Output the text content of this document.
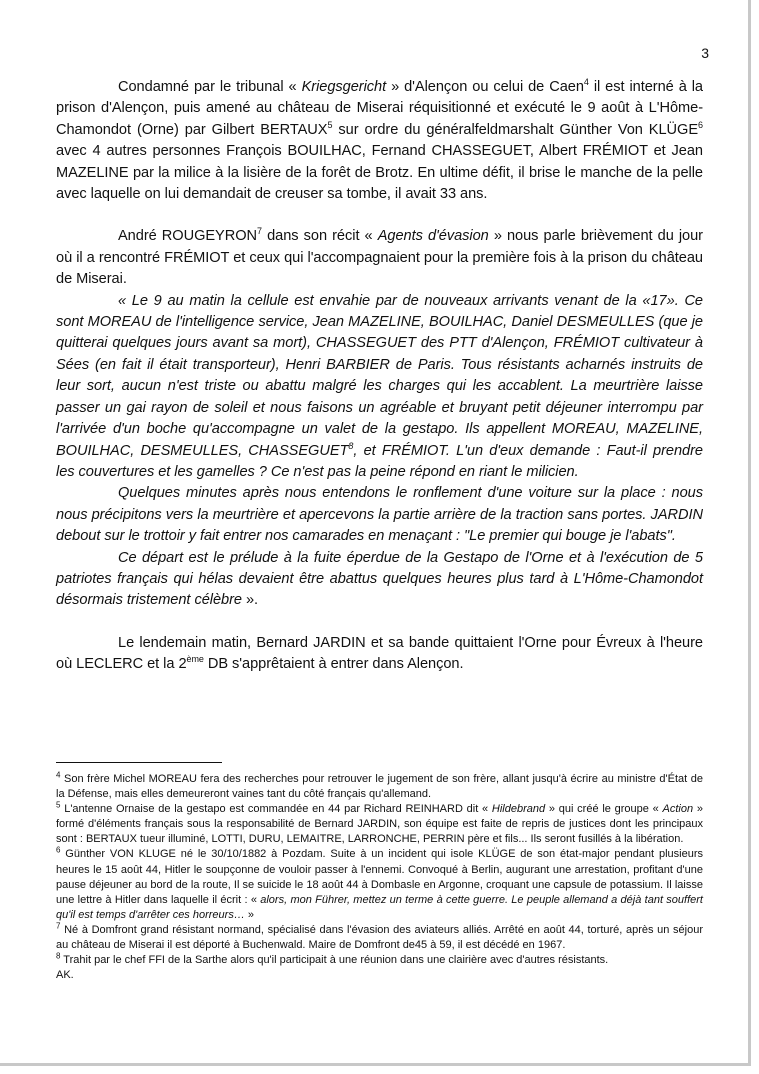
3

Condamné par le tribunal « Kriegsgericht » d'Alençon ou celui de Caen$^4$ il est interné à la prison d'Alençon, puis amené au château de Miserai réquisitionné et exécuté le 9 août à L'Hôme-Chamondot (Orne) par Gilbert BERTAUX$^5$ sur ordre du généralfeldmarshalt Günther Von KLÜGE$^6$ avec 4 autres personnes François BOUILHAC, Fernand CHASSEGUET, Albert FRÉMIOT et Jean MAZELINE par la milice à la lisière de la forêt de Brotz. En ultime défit, il brise le manche de la pelle avec laquelle on lui demandait de creuser sa tombe, il avait 33 ans.

André ROUGEYRON$^7$ dans son récit « Agents d'évasion » nous parle brièvement du jour où il a rencontré FRÉMIOT et ceux qui l'accompagnaient pour la première fois à la prison du château de Miserai.

« Le 9 au matin la cellule est envahie par de nouveaux arrivants venant de la «17». Ce sont MOREAU de l'intelligence service, Jean MAZELINE, BOUILHAC, Daniel DESMEULLES (que je quitterai quelques jours avant sa mort), CHASSEGUET des PTT d'Alençon, FRÉMIOT cultivateur à Sées (en fait il était transporteur), Henri BARBIER de Paris. Tous résistants acharnés instruits de leur sort, aucun n'est triste ou abattu malgré les charges qui les accablent. La meurtrière laisse passer un gai rayon de soleil et nous faisons un agréable et bruyant petit déjeuner interrompu par l'arrivée d'un boche qu'accompagne un valet de la gestapo. Ils appellent MOREAU, MAZELINE, BOUILHAC, DESMEULLES, CHASSEGUET$^8$, et FRÉMIOT. L'un d'eux demande : Faut-il prendre les couvertures et les gamelles ? Ce n'est pas la peine répond en riant le milicien.

Quelques minutes après nous entendons le ronflement d'une voiture sur la place : nous nous précipitons vers la meurtrière et apercevons la partie arrière de la traction sans portes. JARDIN debout sur le trottoir y fait entrer nos camarades en menaçant : "Le premier qui bouge je l'abats".

Ce départ est le prélude à la fuite éperdue de la Gestapo de l'Orne et à l'exécution de 5 patriotes français qui hélas devaient être abattus quelques heures plus tard à L'Hôme-Chamondot désormais tristement célèbre ».

Le lendemain matin, Bernard JARDIN et sa bande quittaient l'Orne pour Évreux à l'heure où LECLERC et la 2ème DB s'apprêtaient à entrer dans Alençon.

$^4$ Son frère Michel MOREAU fera des recherches pour retrouver le jugement de son frère, allant jusqu'à écrire au ministre d'État de la Défense, mais elles demeureront vaines tant du côté français qu'allemand.

$^5$ L'antenne Ornaise de la gestapo est commandée en 44 par Richard REINHARD dit « Hildebrand » qui créé le groupe « Action » formé d'éléments français sous la responsabilité de Bernard JARDIN, son équipe est faite de repris de justices dont les principaux sont : BERTAUX tueur illuminé, LOTTI, DURU, LEMAITRE, LARRONCHE, PERRIN père et fils... Ils seront fusillés à la libération.

$^6$ Günther VON KLUGE né le 30/10/1882 à Pozdam. Suite à un incident qui isole KLÜGE de son état-major pendant plusieurs heures le 15 août 44, Hitler le soupçonne de vouloir passer à l'ennemi. Convoqué à Berlin, augurant une arrestation, profitant d'une pause déjeuner au bord de la route, Il se suicide le 18 août 44 à Dombasle en Argonne, croquant une capsule de potassium. Il laisse une lettre à Hitler dans laquelle il écrit : « alors, mon Führer, mettez un terme à cette guerre. Le peuple allemand a déjà tant souffert qu'il est temps d'arrêter ces horreurs… »

$^7$ Né à Domfront grand résistant normand, spécialisé dans l'évasion des aviateurs alliés. Arrêté en août 44, torturé, après un séjour au château de Miserai il est déporté à Buchenwald. Maire de Domfront de45 à 59, il est décédé en 1967.

$^8$ Trahit par le chef FFI de la Sarthe alors qu'il participait à une réunion dans une clairière avec d'autres résistants.

AK.
